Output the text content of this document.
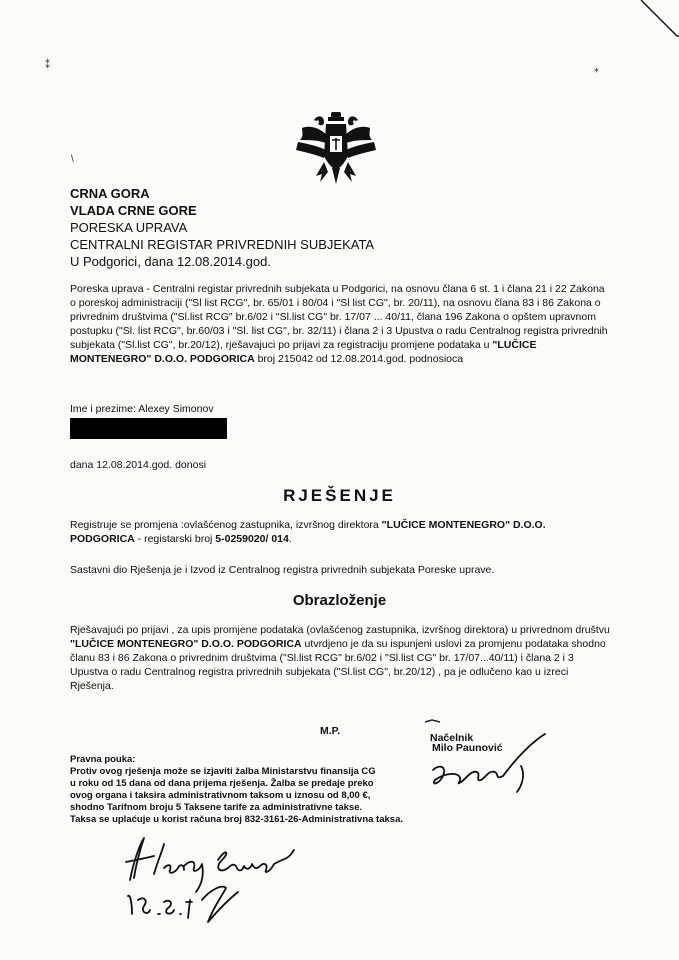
⁑	⁎
\
CRNA GORA
VLADA CRNE GORE
PORESKA UPRAVA
CENTRALNI REGISTAR PRIVREDNIH SUBJEKATA
U Podgorici, dana 12.08.2014.god.
Poreska uprava - Centralni registar privrednih subjekata u Podgorici, na osnovu člana 6 st. 1 i člana 21 i 22 Zakona o poreskoj administraciji ("Sl list RCG", br. 65/01 i 80/04 i "Sl list CG", br. 20/11), na osnovu člana 83 i 86 Zakona o privrednim društvima ("Sl.list RCG" br.6/02 i "Sl.list CG" br. 17/07 ... 40/11, člana 196 Zakona o opštem upravnom postupku ("Sl. list RCG", br.60/03 i "Sl. list CG", br. 32/11) i člana 2 i 3 Upustva o radu Centralnog registra privrednih subjekata ("Sl.list CG", br.20/12), rješavajuci po prijavi za registraciju promjene podataka u "LUČICE MONTENEGRO" D.O.O. PODGORICA broj 215042 od 12.08.2014.god. podnosioca
Ime i prezime: Alexey Simonov
dana 12.08.2014.god. donosi
RJEŠENJE
Registruje se promjena :ovlašćenog zastupnika, izvršnog direktora "LUČICE MONTENEGRO" D.O.O. PODGORICA - registarski broj 5-0259020/ 014.
Sastavni dio Rješenja je i Izvod iz Centralnog registra privrednih subjekata Poreske uprave.
Obrazloženje
Rješavajući po prijavi , za upis promjene podataka (ovlašćenog zastupnika, izvršnog direktora) u privrednom društvu "LUČICE MONTENEGRO" D.O.O. PODGORICA utvrdjeno je da su ispunjeni uslovi za promjenu podataka shodno članu 83 i 86 Zakona o privrednim društvima ("Sl.list RCG" br.6/02 i "Sl.list CG" br. 17/07...40/11) i člana 2 i 3 Upustva o radu Centralnog registra privrednih subjekata ("Sl.list CG", br.20/12) , pa je odlučeno kao u izreci Rješenja.
Načelnik
M.P.
Milo Paunović
Pravna pouka:
Protiv ovog rješenja može se izjaviti žalba Ministarstvu finansija CG
u roku od 15 dana od dana prijema rješenja. Žalba se predaje preko
ovog organa i taksira administrativnom taksom u iznosu od 8,00 €,
shodno Tarifnom broju 5 Taksene tarife za administrativne takse.
Taksa se uplaćuje u korist računa broj 832-3161-26-Administrativna taksa.
